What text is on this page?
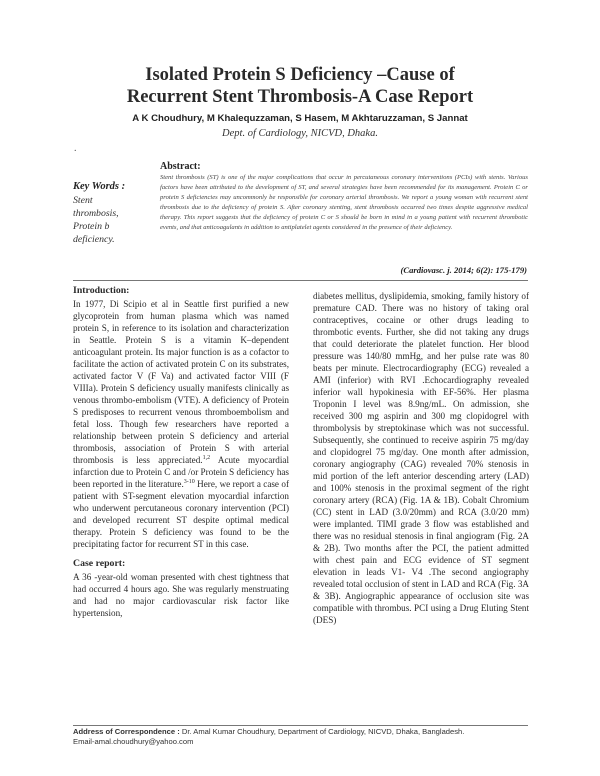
Isolated Protein S Deficiency –Cause of
Recurrent Stent Thrombosis-A Case Report
A K Choudhury, M Khalequzzaman, S Hasem, M Akhtaruzzaman, S Jannat
Dept. of Cardiology, NICVD, Dhaka.
.
Key Words :
Stent
thrombosis,
Protein b
deficiency.
Abstract:
Stent thrombosis (ST) is one of the major complications that occur in percutaneous coronary interventions (PCIs) with stents. Various factors have been attributed to the development of ST, and several strategies have been recommended for its management. Protein C or protein S deficiencies may uncommonly be responsible for coronary arterial thrombosis. We report a young woman with recurrent stent thrombosis due to the deficiency of protein S. After coronary stenting, stent thrombosis occurred two times despite aggressive medical therapy. This report suggests that the deficiency of protein C or S should be born in mind in a young patient with recurrent thrombotic events, and that anticoagulants in addition to antiplatelet agents considered in the presence of their deficiency.
(Cardiovasc. j. 2014; 6(2): 175-179)
Introduction:

In 1977, Di Scipio et al in Seattle first purified a new glycoprotein from human plasma which was named protein S, in reference to its isolation and characterization in Seattle. Protein S is a vitamin K–dependent anticoagulant protein. Its major function is as a cofactor to facilitate the action of activated protein C on its substrates, activated factor V (F Va) and activated factor VIII (F VIIIa). Protein S deficiency usually manifests clinically as venous thrombo-embolism (VTE). A deficiency of Protein S predisposes to recurrent venous thromboembolism and fetal loss. Though few researchers have reported a relationship between protein S deficiency and arterial thrombosis, association of Protein S with arterial thrombosis is less appreciated.$^{1,2}$ Acute myocardial infarction due to Protein C and /or Protein S deficiency has been reported in the literature.$^{3-10}$ Here, we report a case of patient with ST-segment elevation myocardial infarction who underwent percutaneous coronary intervention (PCI) and developed recurrent ST despite optimal medical therapy. Protein S deficiency was found to be the precipitating factor for recurrent ST in this case.

Case report:

A 36 -year-old woman presented with chest tightness that had occurred 4 hours ago. She was regularly menstruating and had no major cardiovascular risk factor like hypertension,

diabetes mellitus, dyslipidemia, smoking, family history of premature CAD. There was no history of taking oral contraceptives, cocaine or other drugs leading to thrombotic events. Further, she did not taking any drugs that could deteriorate the platelet function. Her blood pressure was 140/80 mmHg, and her pulse rate was 80 beats per minute. Electrocardiography (ECG) revealed a AMI (inferior) with RVI .Echocardiography revealed inferior wall hypokinesia with EF-56%. Her plasma Troponin I level was 8.9ng/mL. On admission, she received 300 mg aspirin and 300 mg clopidogrel with thrombolysis by streptokinase which was not successful. Subsequently, she continued to receive aspirin 75 mg/day and clopidogrel 75 mg/day. One month after admission, coronary angiography (CAG) revealed 70% stenosis in mid portion of the left anterior descending artery (LAD) and 100% stenosis in the proximal segment of the right coronary artery (RCA) (Fig. 1A & 1B). Cobalt Chromium (CC) stent in LAD (3.0/20mm) and RCA (3.0/20 mm) were implanted. TIMI grade 3 flow was established and there was no residual stenosis in final angiogram (Fig. 2A & 2B). Two months after the PCI, the patient admitted with chest pain and ECG evidence of ST segment elevation in leads V1- V4 .The second angiography revealed total occlusion of stent in LAD and RCA (Fig. 3A & 3B). Angiographic appearance of occlusion site was compatible with thrombus. PCI using a Drug Eluting Stent (DES)

Address of Correspondence : Dr. Amal Kumar Choudhury, Department of Cardiology, NICVD, Dhaka, Bangladesh.
Email-amal.choudhury@yahoo.com
